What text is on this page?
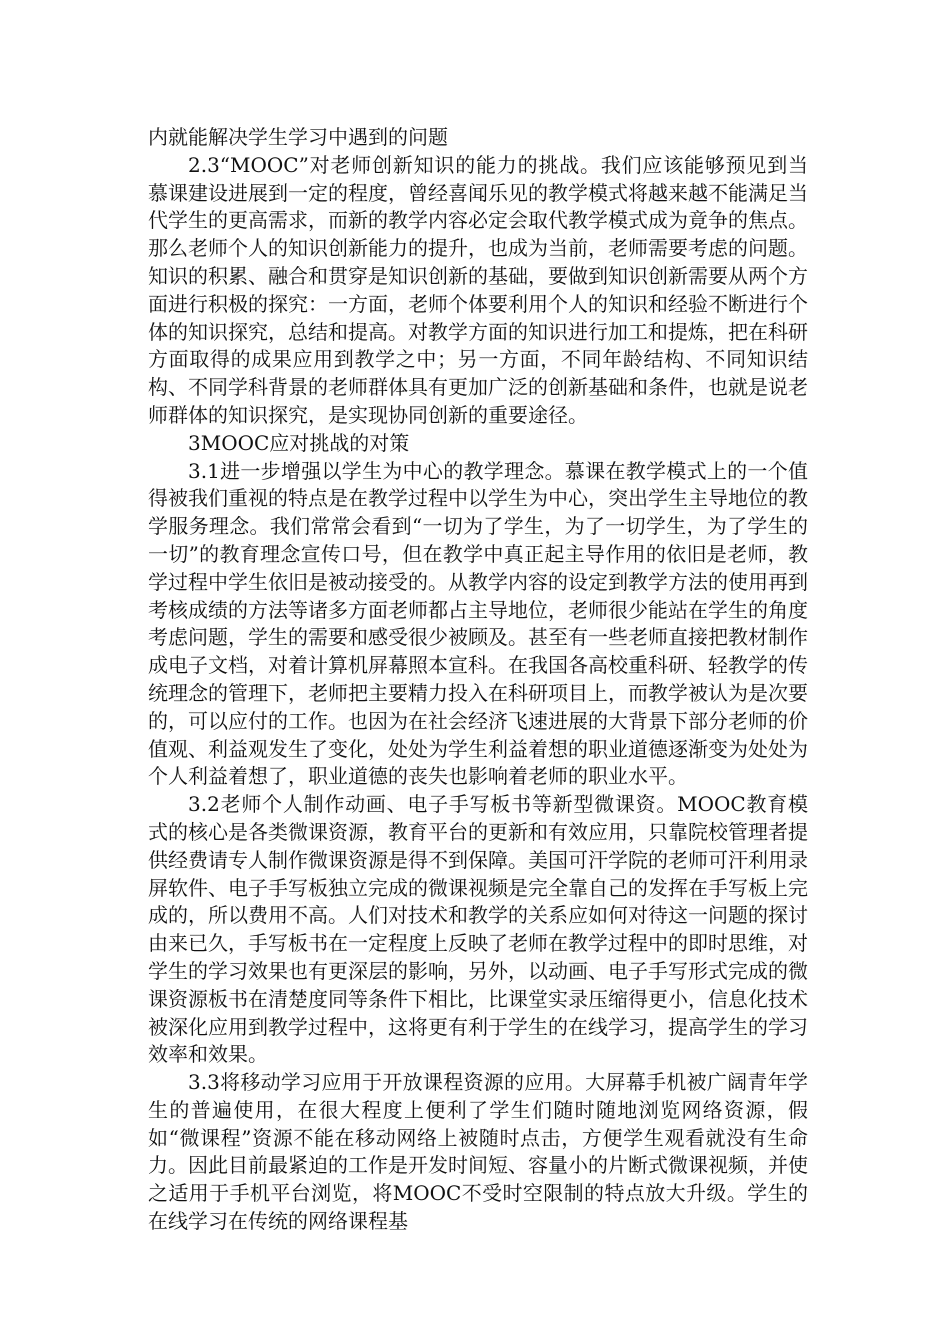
内就能解决学生学习中遇到的问题

2.3“MOOC”对老师创新知识的能力的挑战。我们应该能够预见到当慕课建设进展到一定的程度，曾经喜闻乐见的教学模式将越来越不能满足当代学生的更高需求，而新的教学内容必定会取代教学模式成为竟争的焦点。那么老师个人的知识创新能力的提升，也成为当前，老师需要考虑的问题。知识的积累、融合和贯穿是知识创新的基础，要做到知识创新需要从两个方面进行积极的探究：一方面，老师个体要利用个人的知识和经验不断进行个体的知识探究，总结和提高。对教学方面的知识进行加工和提炼，把在科研方面取得的成果应用到教学之中；另一方面，不同年龄结构、不同知识结构、不同学科背景的老师群体具有更加广泛的创新基础和条件，也就是说老师群体的知识探究，是实现协同创新的重要途径。

3MOOC应对挑战的对策

3.1进一步增强以学生为中心的教学理念。慕课在教学模式上的一个值得被我们重视的特点是在教学过程中以学生为中心，突出学生主导地位的教学服务理念。我们常常会看到“一切为了学生，为了一切学生，为了学生的一切”的教育理念宣传口号，但在教学中真正起主导作用的依旧是老师，教学过程中学生依旧是被动接受的。从教学内容的设定到教学方法的使用再到考核成绩的方法等诸多方面老师都占主导地位，老师很少能站在学生的角度考虑问题，学生的需要和感受很少被顾及。甚至有一些老师直接把教材制作成电子文档，对着计算机屏幕照本宣科。在我国各高校重科研、轻教学的传统理念的管理下，老师把主要精力投入在科研项目上，而教学被认为是次要的，可以应付的工作。也因为在社会经济飞速进展的大背景下部分老师的价值观、利益观发生了变化，处处为学生利益着想的职业道德逐渐变为处处为个人利益着想了，职业道德的丧失也影响着老师的职业水平。

3.2老师个人制作动画、电子手写板书等新型微课资。MOOC教育模式的核心是各类微课资源，教育平台的更新和有效应用，只靠院校管理者提供经费请专人制作微课资源是得不到保障。美国可汗学院的老师可汗利用录屏软件、电子手写板独立完成的微课视频是完全靠自己的发挥在手写板上完成的，所以费用不高。人们对技术和教学的关系应如何对待这一问题的探讨由来已久，手写板书在一定程度上反映了老师在教学过程中的即时思维，对学生的学习效果也有更深层的影响，另外，以动画、电子手写形式完成的微课资源板书在清楚度同等条件下相比，比课堂实录压缩得更小，信息化技术被深化应用到教学过程中，这将更有利于学生的在线学习，提高学生的学习效率和效果。

3.3将移动学习应用于开放课程资源的应用。大屏幕手机被广阔青年学生的普遍使用，在很大程度上便利了学生们随时随地浏览网络资源，假如“微课程”资源不能在移动网络上被随时点击，方便学生观看就没有生命力。因此目前最紧迫的工作是开发时间短、容量小的片断式微课视频，并使之适用于手机平台浏览，将MOOC不受时空限制的特点放大升级。学生的在线学习在传统的网络课程基
